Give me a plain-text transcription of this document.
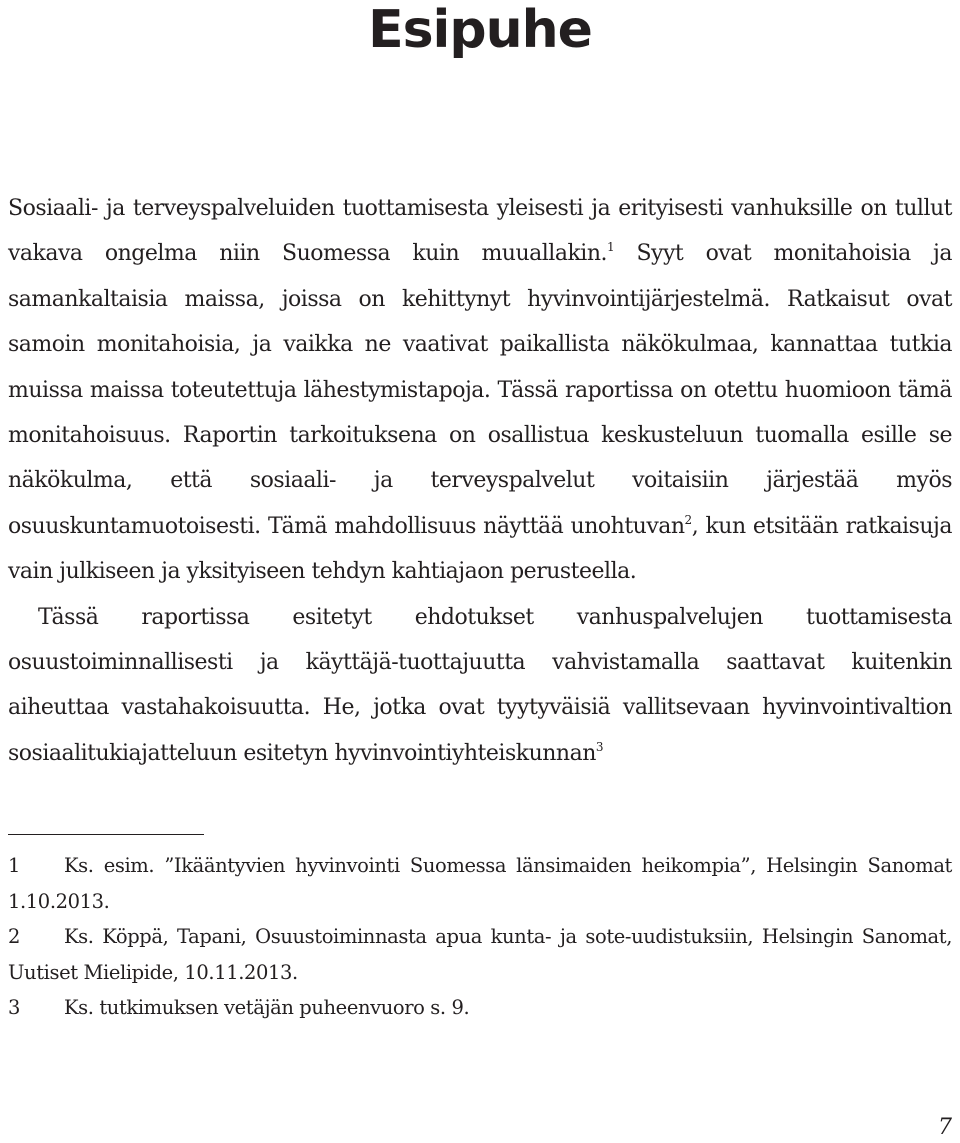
Esipuhe

Sosiaali- ja terveyspalveluiden tuottamisesta yleisesti ja erityisesti vanhuksille on tullut vakava ongelma niin Suomessa kuin muuallakin.$^1$ Syyt ovat monitahoisia ja samankaltaisia maissa, joissa on kehittynyt hyvinvointijärjestelmä. Ratkaisut ovat samoin monitahoisia, ja vaikka ne vaativat paikallista näkökulmaa, kannattaa tutkia muissa maissa toteutettuja lähestymistapoja. Tässä raportissa on otettu huomioon tämä monitahoisuus. Raportin tarkoituksena on osallistua keskusteluun tuomalla esille se näkökulma, että sosiaali- ja terveyspalvelut voitaisiin järjestää myös osuuskuntamuotoisesti. Tämä mahdollisuus näyttää unohtuvan$^2$, kun etsitään ratkaisuja vain julkiseen ja yksityiseen tehdyn kahtiajaon perusteella.

Tässä raportissa esitetyt ehdotukset vanhuspalvelujen tuottamisesta osuustoiminnallisesti ja käyttäjä-tuottajuutta vahvistamalla saattavat kuitenkin aiheuttaa vastahakoisuutta. He, jotka ovat tyytyväisiä vallitsevaan hyvinvointivaltion sosiaalitukiajatteluun esitetyn hyvinvointiyhteiskunnan$^3$

1 Ks. esim. ”Ikääntyvien hyvinvointi Suomessa länsimaiden heikompia”, Helsingin Sanomat 1.10.2013.

2 Ks. Köppä, Tapani, Osuustoiminnasta apua kunta- ja sote-uudistuksiin, Helsingin Sanomat, Uutiset Mielipide, 10.11.2013.

3 Ks. tutkimuksen vetäjän puheenvuoro s. 9.

7
